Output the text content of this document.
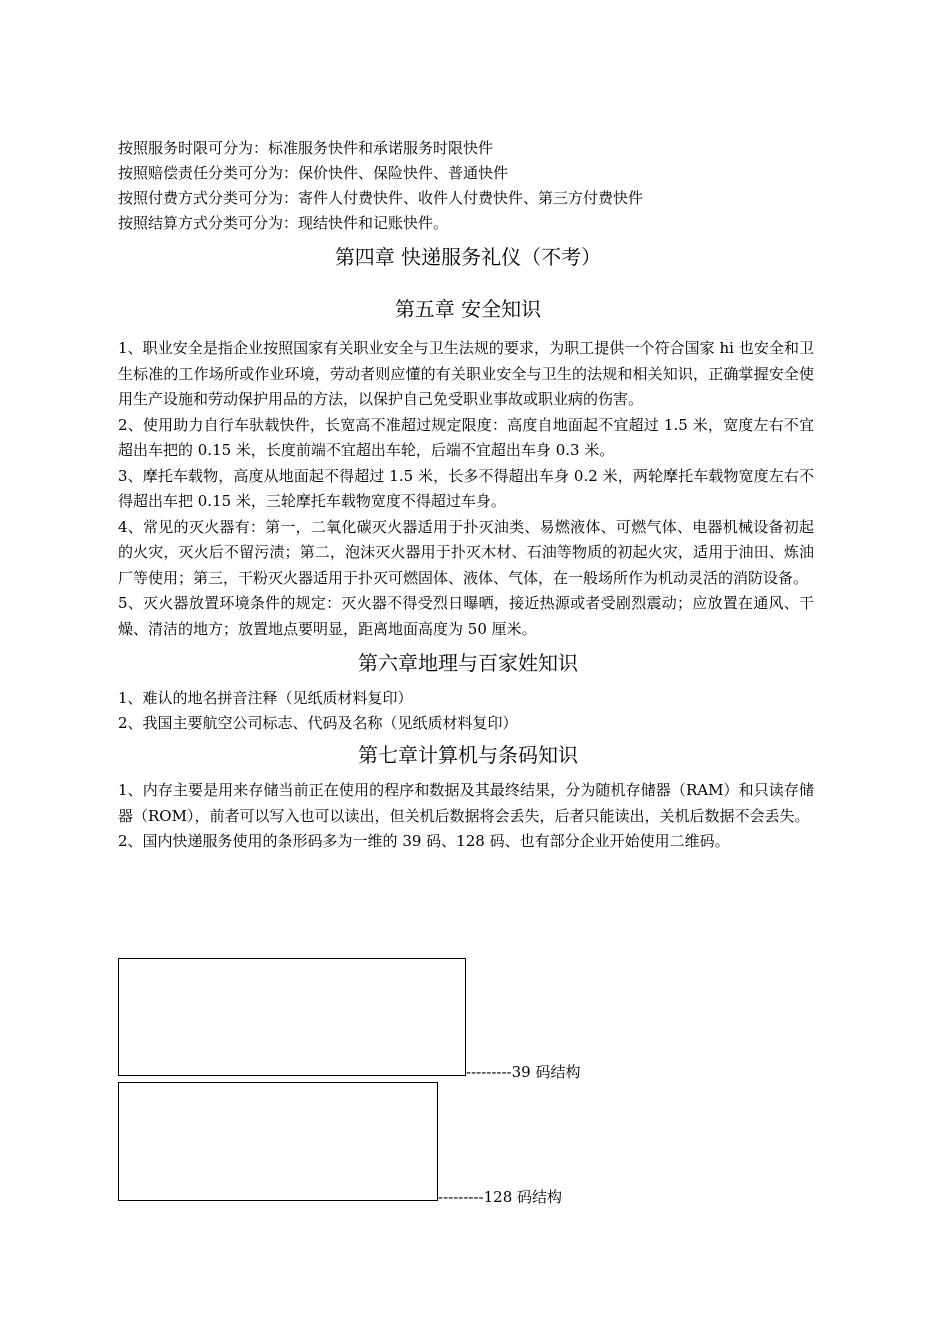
按照服务时限可分为：标准服务快件和承诺服务时限快件
按照赔偿责任分类可分为：保价快件、保险快件、普通快件
按照付费方式分类可分为：寄件人付费快件、收件人付费快件、第三方付费快件
按照结算方式分类可分为：现结快件和记账快件。
第四章 快递服务礼仪（不考）
第五章 安全知识
1、职业安全是指企业按照国家有关职业安全与卫生法规的要求，为职工提供一个符合国家 hi 也安全和卫生标准的工作场所或作业环境，劳动者则应懂的有关职业安全与卫生的法规和相关知识，正确掌握安全使用生产设施和劳动保护用品的方法，以保护自己免受职业事故或职业病的伤害。
2、使用助力自行车驮载快件，长宽高不准超过规定限度：高度自地面起不宜超过 1.5 米，宽度左右不宜超出车把的 0.15 米，长度前端不宜超出车轮，后端不宜超出车身 0.3 米。
3、摩托车载物，高度从地面起不得超过 1.5 米，长多不得超出车身 0.2 米，两轮摩托车载物宽度左右不得超出车把 0.15 米，三轮摩托车载物宽度不得超过车身。
4、常见的灭火器有：第一，二氧化碳灭火器适用于扑灭油类、易燃液体、可燃气体、电器机械设备初起的火灾，灭火后不留污渍；第二，泡沫灭火器用于扑灭木材、石油等物质的初起火灾，适用于油田、炼油厂等使用；第三，干粉灭火器适用于扑灭可燃固体、液体、气体，在一般场所作为机动灵活的消防设备。
5、灭火器放置环境条件的规定：灭火器不得受烈日曝晒，接近热源或者受剧烈震动；应放置在通风、干燥、清洁的地方；放置地点要明显，距离地面高度为 50 厘米。
第六章地理与百家姓知识
1、难认的地名拼音注释（见纸质材料复印）
2、我国主要航空公司标志、代码及名称（见纸质材料复印）
第七章计算机与条码知识
1、内存主要是用来存储当前正在使用的程序和数据及其最终结果，分为随机存储器（RAM）和只读存储器（ROM），前者可以写入也可以读出，但关机后数据将会丢失，后者只能读出，关机后数据不会丢失。
2、国内快递服务使用的条形码多为一维的 39 码、128 码、也有部分企业开始使用二维码。
---------39 码结构
---------128 码结构
